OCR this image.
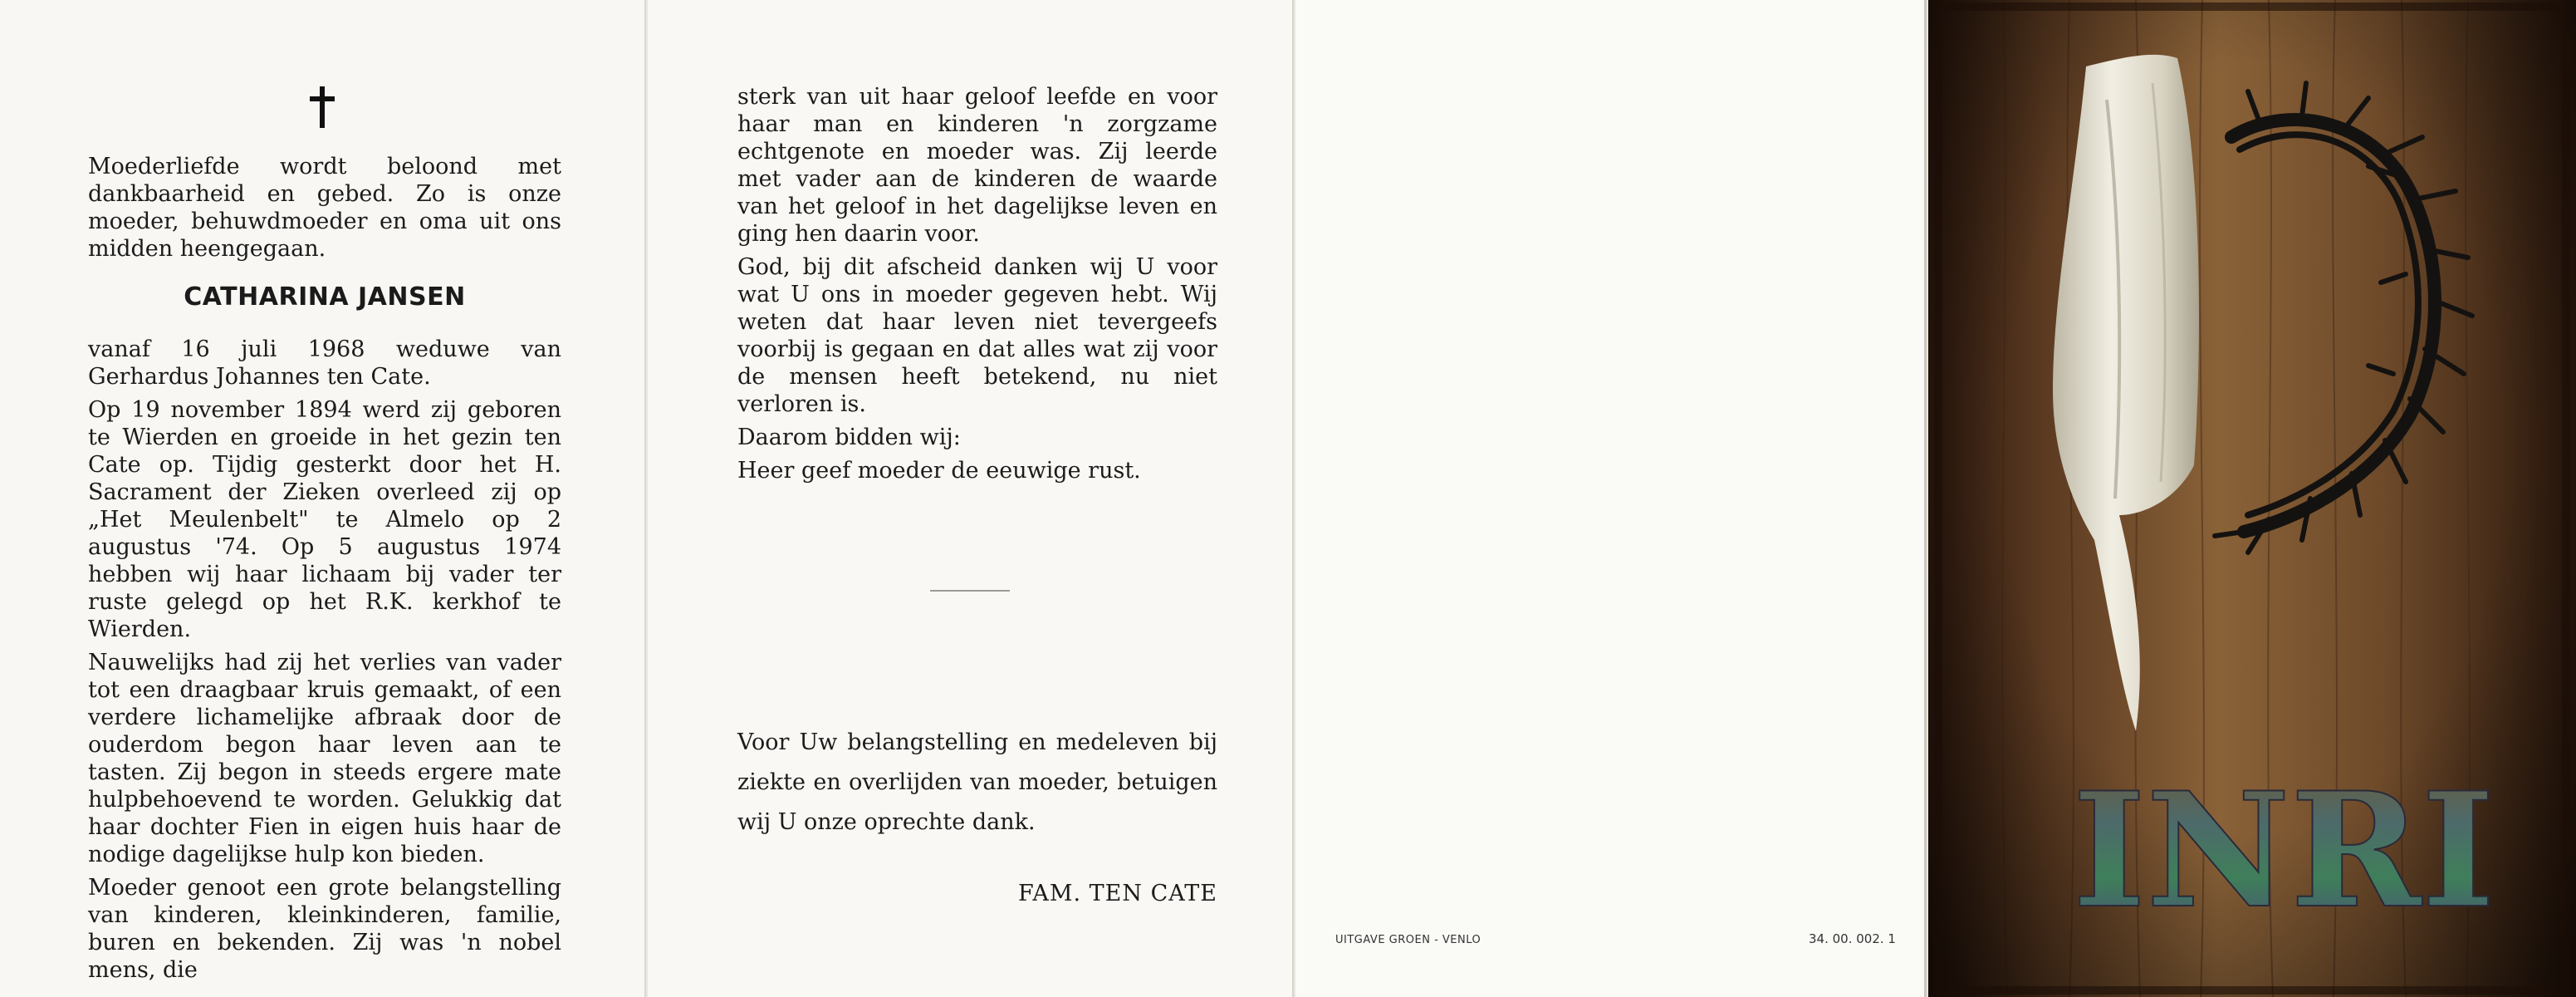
Moederliefde wordt beloond met dankbaarheid en gebed. Zo is onze moeder, behuwdmoeder en oma uit ons midden heengegaan.
CATHARINA JANSEN

vanaf 16 juli 1968 weduwe van Gerhardus Johannes ten Cate.

Op 19 november 1894 werd zij geboren te Wierden en groeide in het gezin ten Cate op. Tijdig gesterkt door het H. Sacrament der Zieken overleed zij op „Het Meulenbelt" te Almelo op 2 augustus '74. Op 5 augustus 1974 hebben wij haar lichaam bij vader ter ruste gelegd op het R.K. kerkhof te Wierden.

Nauwelijks had zij het verlies van vader tot een draagbaar kruis gemaakt, of een verdere lichamelijke afbraak door de ouderdom begon haar leven aan te tasten. Zij begon in steeds ergere mate hulpbehoevend te worden. Gelukkig dat haar dochter Fien in eigen huis haar de nodige dagelijkse hulp kon bieden.

Moeder genoot een grote belangstelling van kinderen, kleinkinderen, familie, buren en bekenden. Zij was 'n nobel mens, die

sterk van uit haar geloof leefde en voor haar man en kinderen 'n zorgzame echtgenote en moeder was. Zij leerde met vader aan de kinderen de waarde van het geloof in het dagelijkse leven en ging hen daarin voor.

God, bij dit afscheid danken wij U voor wat U ons in moeder gegeven hebt. Wij weten dat haar leven niet tevergeefs voorbij is gegaan en dat alles wat zij voor de mensen heeft betekend, nu niet verloren is.

Daarom bidden wij:

Heer geef moeder de eeuwige rust.

Voor Uw belangstelling en medeleven bij ziekte en overlijden van moeder, betuigen wij U onze oprechte dank.
FAM. TEN CATE
UITGAVE GROEN - VENLO	34. 00. 002. 1 INRI
